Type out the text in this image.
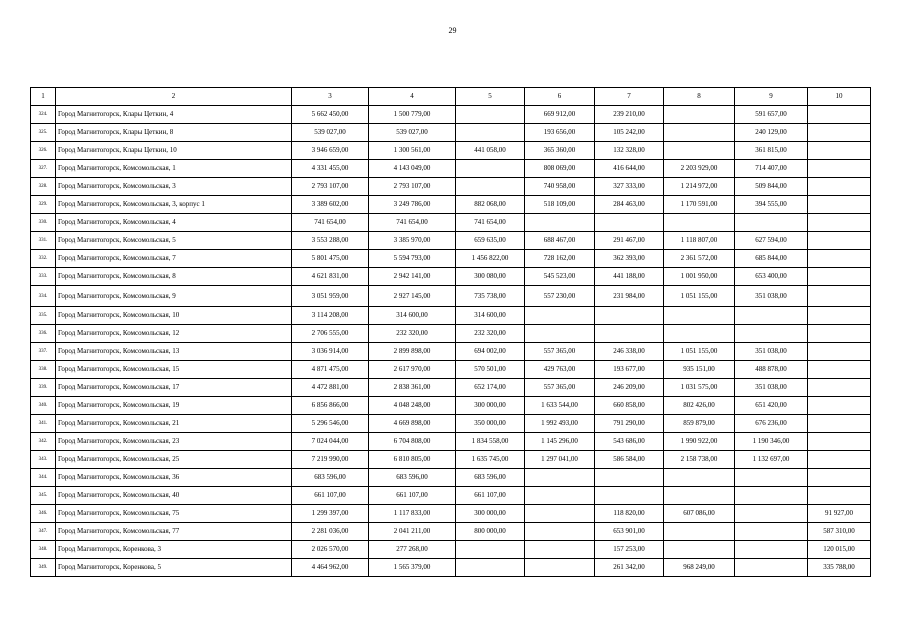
29
1	2	3	4	5	6	7	8	9	10
324.	Город Магнитогорск, Клары Цеткин, 4	5 662 450,00	1 500 779,00		669 912,00	239 210,00		591 657,00	
325.	Город Магнитогорск, Клары Цеткин, 8	539 027,00	539 027,00		193 656,00	105 242,00		240 129,00	
326.	Город Магнитогорск, Клары Цеткин, 10	3 946 659,00	1 300 561,00	441 058,00	365 360,00	132 328,00		361 815,00	
327.	Город Магнитогорск, Комсомольская, 1	4 331 455,00	4 143 049,00		808 069,00	416 644,00	2 203 929,00	714 407,00	
328.	Город Магнитогорск, Комсомольская, 3	2 793 107,00	2 793 107,00		740 958,00	327 333,00	1 214 972,00	509 844,00	
329.	Город Магнитогорск, Комсомольская, 3, корпус 1	3 389 602,00	3 249 786,00	882 068,00	518 109,00	284 463,00	1 170 591,00	394 555,00	
330.	Город Магнитогорск, Комсомольская, 4	741 654,00	741 654,00	741 654,00					
331.	Город Магнитогорск, Комсомольская, 5	3 553 288,00	3 385 970,00	659 635,00	688 467,00	291 467,00	1 118 807,00	627 594,00	
332.	Город Магнитогорск, Комсомольская, 7	5 801 475,00	5 594 793,00	1 456 822,00	728 162,00	362 393,00	2 361 572,00	685 844,00	
333.	Город Магнитогорск, Комсомольская, 8	4 621 831,00	2 942 141,00	300 080,00	545 523,00	441 188,00	1 001 950,00	653 400,00	
334.	Город Магнитогорск, Комсомольская, 9	3 051 959,00	2 927 145,00	735 738,00	557 230,00	231 984,00	1 051 155,00	351 038,00	
335.	Город Магнитогорск, Комсомольская, 10	3 114 208,00	314 600,00	314 600,00					
336.	Город Магнитогорск, Комсомольская, 12	2 706 555,00	232 320,00	232 320,00					
337.	Город Магнитогорск, Комсомольская, 13	3 036 914,00	2 899 898,00	694 002,00	557 365,00	246 338,00	1 051 155,00	351 038,00	
338.	Город Магнитогорск, Комсомольская, 15	4 871 475,00	2 617 970,00	570 501,00	429 763,00	193 677,00	935 151,00	488 878,00	
339.	Город Магнитогорск, Комсомольская, 17	4 472 881,00	2 838 361,00	652 174,00	557 365,00	246 209,00	1 031 575,00	351 038,00	
340.	Город Магнитогорск, Комсомольская, 19	6 856 866,00	4 048 248,00	300 000,00	1 633 544,00	660 858,00	802 426,00	651 420,00	
341.	Город Магнитогорск, Комсомольская, 21	5 296 546,00	4 669 898,00	350 000,00	1 992 493,00	791 290,00	859 879,00	676 236,00	
342.	Город Магнитогорск, Комсомольская, 23	7 024 044,00	6 704 808,00	1 834 558,00	1 145 296,00	543 686,00	1 990 922,00	1 190 346,00	
343.	Город Магнитогорск, Комсомольская, 25	7 219 990,00	6 810 805,00	1 635 745,00	1 297 041,00	586 584,00	2 158 738,00	1 132 697,00	
344.	Город Магнитогорск, Комсомольская, 36	683 596,00	683 596,00	683 596,00					
345.	Город Магнитогорск, Комсомольская, 40	661 107,00	661 107,00	661 107,00					
346.	Город Магнитогорск, Комсомольская, 75	1 299 397,00	1 117 833,00	300 000,00		118 820,00	607 086,00		91 927,00
347.	Город Магнитогорск, Комсомольская, 77	2 281 036,00	2 041 211,00	800 000,00		653 901,00			587 310,00
348.	Город Магнитогорск, Коренкова, 3	2 026 570,00	277 268,00			157 253,00			120 015,00
349.	Город Магнитогорск, Коренкова, 5	4 464 962,00	1 565 379,00			261 342,00	968 249,00		335 788,00
